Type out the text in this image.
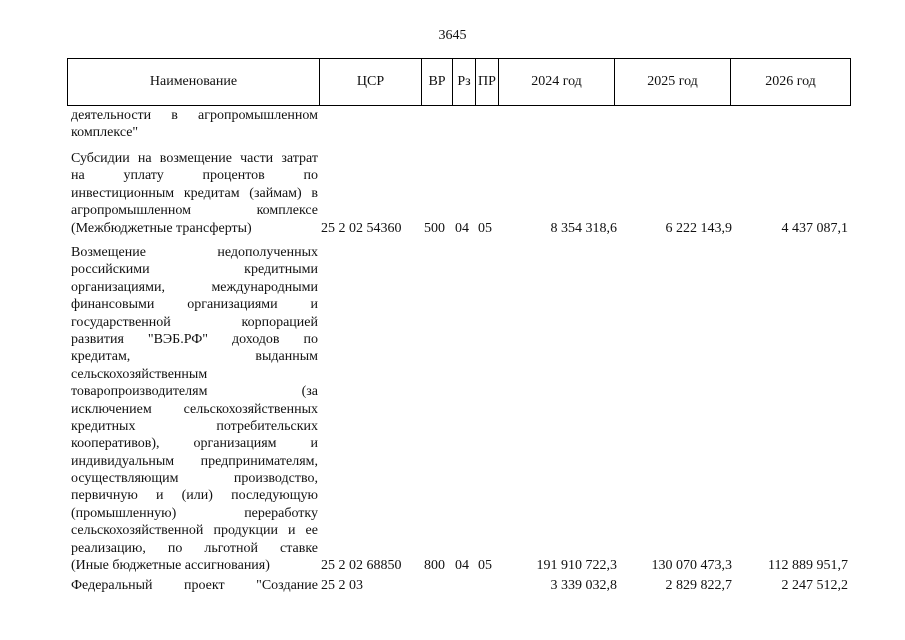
3645
Наименование	ЦСР	ВР	Рз	ПР	2024 год	2025 год	2026 год
деятельности в агропромышленном
комплексе"
Субсидии на возмещение части затрат
на уплату процентов по
инвестиционным кредитам (займам) в
агропромышленном комплексе
(Межбюджетные трансферты)	25 2 02 54360 500 04 05	8 354 318,6	6 222 143,9	4 437 087,1
Возмещение недополученных
российскими кредитными
организациями, международными
финансовыми организациями и
государственной корпорацией
развития "ВЭБ.РФ" доходов по
кредитам, выданным
сельскохозяйственным
товаропроизводителям (за
исключением сельскохозяйственных
кредитных потребительских
кооперативов), организациям и
индивидуальным предпринимателям,
осуществляющим производство,
первичную и (или) последующую
(промышленную) переработку
сельскохозяйственной продукции и ее
реализацию, по льготной ставке
(Иные бюджетные ассигнования)	25 2 02 68850 800 04 05	191 910 722,3 130 070 473,3	112 889 951,7
Федеральный проект "Создание 25 2 03	3 339 032,8	2 829 822,7	2 247 512,2
